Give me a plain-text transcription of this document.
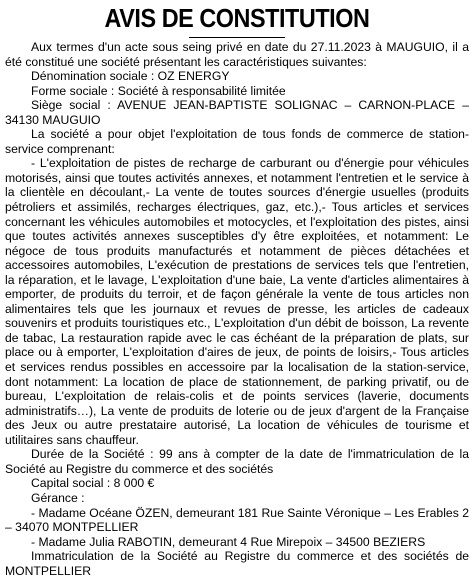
AVIS DE CONSTITUTION

Aux termes d'un acte sous seing privé en date du 27.11.2023 à MAUGUIO, il a été constitué une société présentant les caractéristiques suivantes:

Dénomination sociale : OZ ENERGY

Forme sociale : Société à responsabilité limitée

Siège social : AVENUE JEAN-BAPTISTE SOLIGNAC – CARNON-PLACE – 34130 MAUGUIO

La société a pour objet l'exploitation de tous fonds de commerce de station-service comprenant:

- L'exploitation de pistes de recharge de carburant ou d'énergie pour véhicules motorisés, ainsi que toutes activités annexes, et notamment l'entretien et le service à la clientèle en découlant,- La vente de toutes sources d'énergie usuelles (produits pétroliers et assimilés, recharges électriques, gaz, etc.),- Tous articles et services concernant les véhicules automobiles et motocycles, et l'exploitation des pistes, ainsi que toutes activités annexes susceptibles d'y être exploitées, et notamment: Le négoce de tous produits manufacturés et notamment de pièces détachées et accessoires automobiles, L'exécution de prestations de services tels que l'entretien, la réparation, et le lavage, L'exploitation d'une baie, La vente d'articles alimentaires à emporter, de produits du terroir, et de façon générale la vente de tous articles non alimentaires tels que les journaux et revues de presse, les articles de cadeaux souvenirs et produits touristiques etc., L'exploitation d'un débit de boisson, La revente de tabac, La restauration rapide avec le cas échéant de la préparation de plats, sur place ou à emporter, L'exploitation d'aires de jeux, de points de loisirs,- Tous articles et services rendus possibles en accessoire par la localisation de la station-service, dont notamment: La location de place de stationnement, de parking privatif, ou de bureau, L'exploitation de relais-colis et de points services (laverie, documents administratifs…), La vente de produits de loterie ou de jeux d'argent de la Française des Jeux ou autre prestataire autorisé, La location de véhicules de tourisme et utilitaires sans chauffeur.

Durée de la Société : 99 ans à compter de la date de l'immatriculation de la Société au Registre du commerce et des sociétés

Capital social : 8 000 €

Gérance :

- Madame Océane ÖZEN, demeurant 181 Rue Sainte Véronique – Les Erables 2 – 34070 MONTPELLIER

- Madame Julia RABOTIN, demeurant 4 Rue Mirepoix – 34500 BEZIERS

Immatriculation de la Société au Registre du commerce et des sociétés de MONTPELLIER
